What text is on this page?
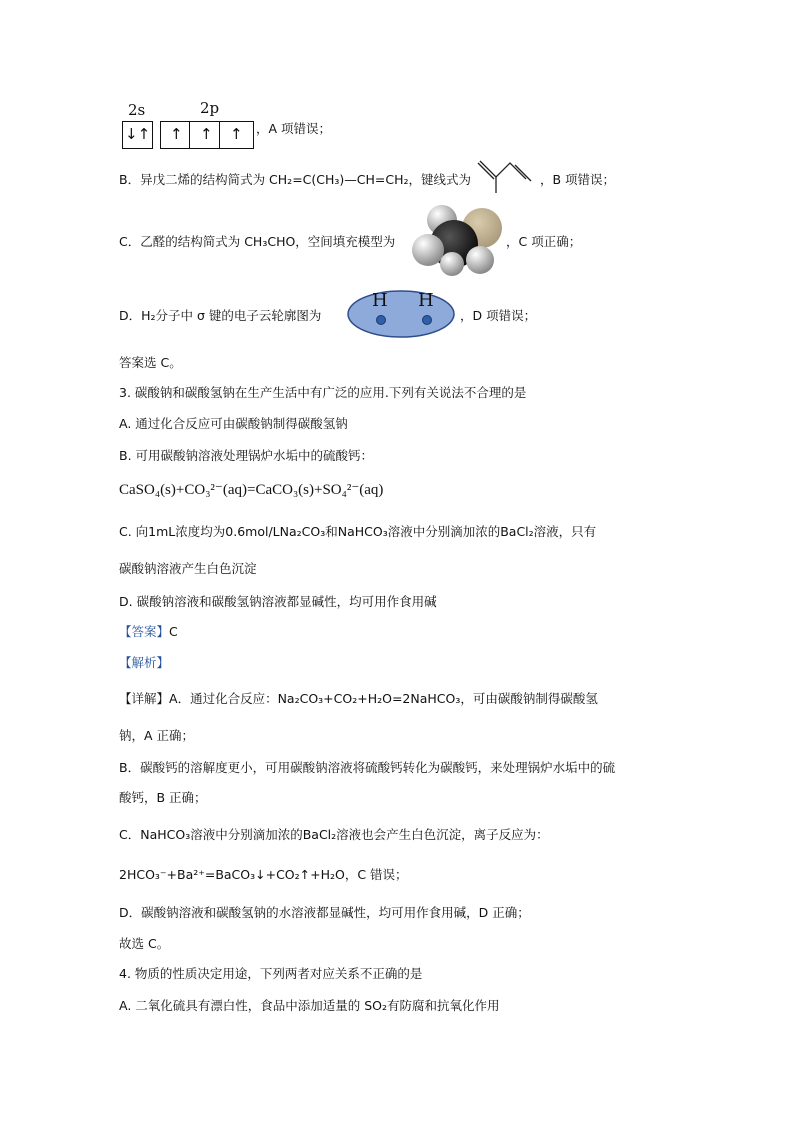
2s	2p
↓↑ ↑ ↑ ↑ ，A 项错误；
B．异戊二烯的结构简式为 CH₂=C(CH₃)—CH=CH₂，键线式为	，B 项错误；
C．乙醛的结构简式为 CH₃CHO，空间填充模型为	，C 项正确；
D．H₂分子中 σ 键的电子云轮廓图为
H H
，D 项错误；
答案选 C。
3. 碳酸钠和碳酸氢钠在生产生活中有广泛的应用.下列有关说法不合理的是
A. 通过化合反应可由碳酸钠制得碳酸氢钠
B. 可用碳酸钠溶液处理锅炉水垢中的硫酸钙：
CaSO₄(s)+CO₃²⁻(aq)=CaCO₃(s)+SO₄²⁻(aq)
C. 向1mL浓度均为0.6mol/LNa₂CO₃和NaHCO₃溶液中分别滴加浓的BaCl₂溶液，只有
碳酸钠溶液产生白色沉淀
D. 碳酸钠溶液和碳酸氢钠溶液都显碱性，均可用作食用碱
【答案】C
【解析】
【详解】A．通过化合反应：Na₂CO₃+CO₂+H₂O=2NaHCO₃，可由碳酸钠制得碳酸氢
钠，A 正确；
B．碳酸钙的溶解度更小，可用碳酸钠溶液将硫酸钙转化为碳酸钙，来处理锅炉水垢中的硫
酸钙，B 正确；
C．NaHCO₃溶液中分别滴加浓的BaCl₂溶液也会产生白色沉淀，离子反应为：
2HCO₃⁻+Ba²⁺=BaCO₃↓+CO₂↑+H₂O，C 错误；
D．碳酸钠溶液和碳酸氢钠的水溶液都显碱性，均可用作食用碱，D 正确；
故选 C。
4. 物质的性质决定用途，下列两者对应关系不正确的是
A. 二氧化硫具有漂白性，食品中添加适量的 SO₂有防腐和抗氧化作用
